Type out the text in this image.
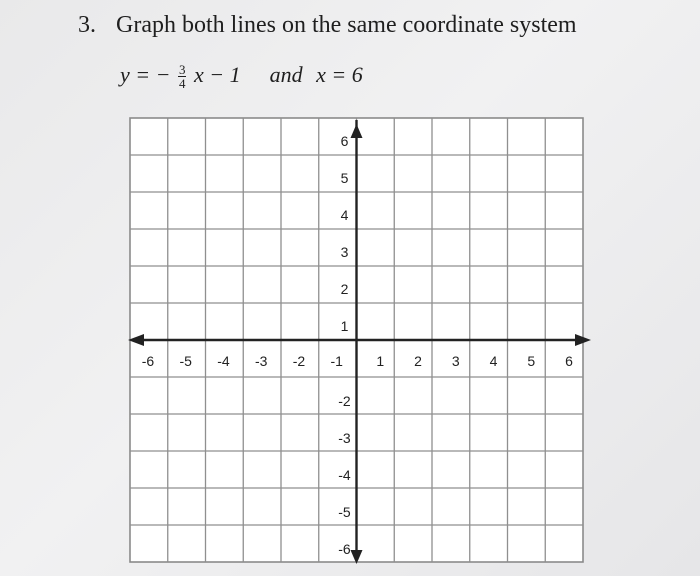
3. Graph both lines on the same coordinate system
y = − $\frac{3}{4}$ x − 1 and x = 6
-6 -5 -4 -3 -2 -1 1 2 3 4 5 6
6
5
4
3
2
1
-2
-3
-4
-5
-6
